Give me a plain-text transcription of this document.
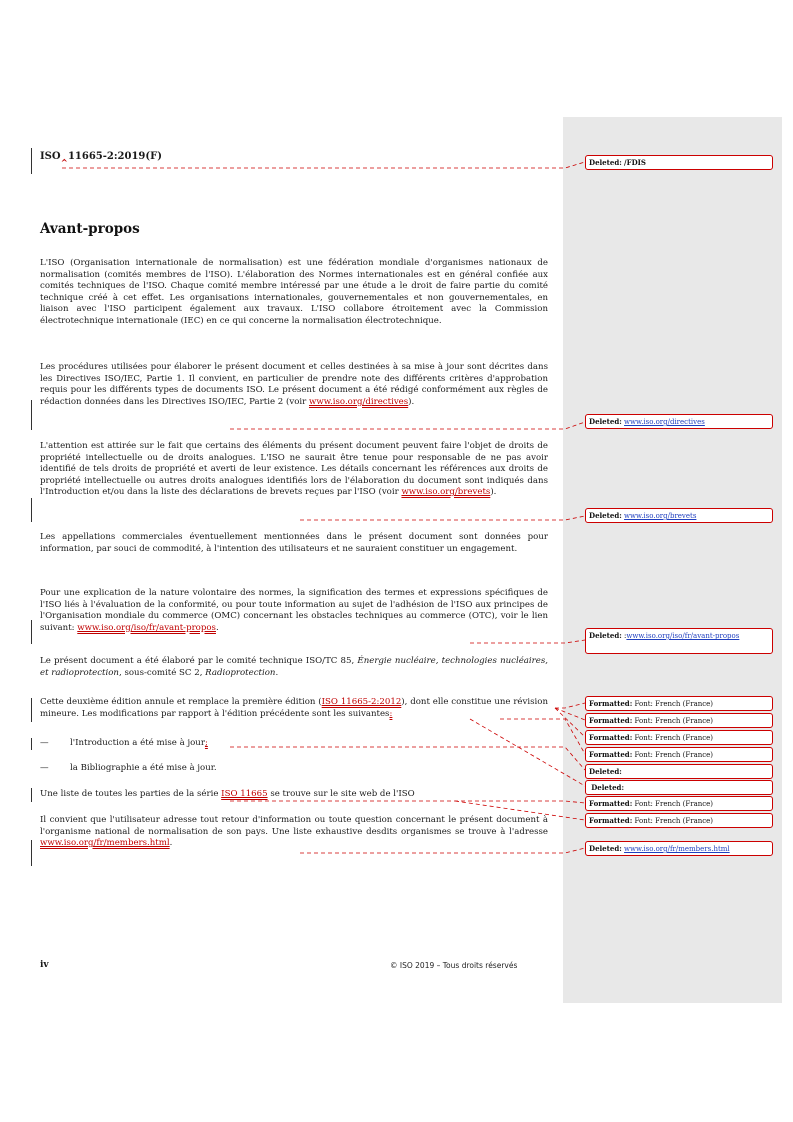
ISO‸11665-2:2019(F)
Avant-propos
L'ISO (Organisation internationale de normalisation) est une fédération mondiale d'organismes nationaux de normalisation (comités membres de l'ISO). L'élaboration des Normes internationales est en général confiée aux comités techniques de l'ISO. Chaque comité membre intéressé par une étude a le droit de faire partie du comité technique créé à cet effet. Les organisations internationales, gouvernementales et non gouvernementales, en liaison avec l'ISO participent également aux travaux. L'ISO collabore étroitement avec la Commission électrotechnique internationale (IEC) en ce qui concerne la normalisation électrotechnique.
Les procédures utilisées pour élaborer le présent document et celles destinées à sa mise à jour sont décrites dans les Directives ISO/IEC, Partie 1. Il convient, en particulier de prendre note des différents critères d'approbation requis pour les différents types de documents ISO. Le présent document a été rédigé conformément aux règles de rédaction données dans les Directives ISO/IEC, Partie 2 (voir www.iso.org/directives).
L'attention est attirée sur le fait que certains des éléments du présent document peuvent faire l'objet de droits de propriété intellectuelle ou de droits analogues. L'ISO ne saurait être tenue pour responsable de ne pas avoir identifié de tels droits de propriété et averti de leur existence. Les détails concernant les références aux droits de propriété intellectuelle ou autres droits analogues identifiés lors de l'élaboration du document sont indiqués dans l'Introduction et/ou dans la liste des déclarations de brevets reçues par l'ISO (voir www.iso.org/brevets).
Les appellations commerciales éventuellement mentionnées dans le présent document sont données pour information, par souci de commodité, à l'intention des utilisateurs et ne sauraient constituer un engagement.
Pour une explication de la nature volontaire des normes, la signification des termes et expressions spécifiques de l'ISO liés à l'évaluation de la conformité, ou pour toute information au sujet de l'adhésion de l'ISO aux principes de l'Organisation mondiale du commerce (OMC) concernant les obstacles techniques au commerce (OTC), voir le lien suivant: www.iso.org/iso/fr/avant-propos.
Le présent document a été élaboré par le comité technique ISO/TC 85, Énergie nucléaire, technologies nucléaires, et radioprotection, sous-comité SC 2, Radioprotection.
Cette deuxième édition annule et remplace la première édition (ISO 11665-2:2012), dont elle constitue une révision mineure. Les modifications par rapport à l'édition précédente sont les suivantes:
— l'Introduction a été mise à jour;
— la Bibliographie a été mise à jour.
Une liste de toutes les parties de la série ISO 11665 se trouve sur le site web de l'ISO
Il convient que l'utilisateur adresse tout retour d'information ou toute question concernant le présent document à l'organisme national de normalisation de son pays. Une liste exhaustive desdits organismes se trouve à l'adresse www.iso.org/fr/members.html.
iv	© ISO 2019 – Tous droits réservés
Deleted: /FDIS
Deleted: www.iso.org/directives
Deleted: www.iso.org/brevets
Deleted: :www.iso.org/iso/fr/avant-propos
Formatted: Font: French (France)
Formatted: Font: French (France)
Formatted: Font: French (France)
Formatted: Font: French (France)
Deleted:
Deleted:
Formatted: Font: French (France)
Formatted: Font: French (France)
Deleted: www.iso.org/fr/members.html
